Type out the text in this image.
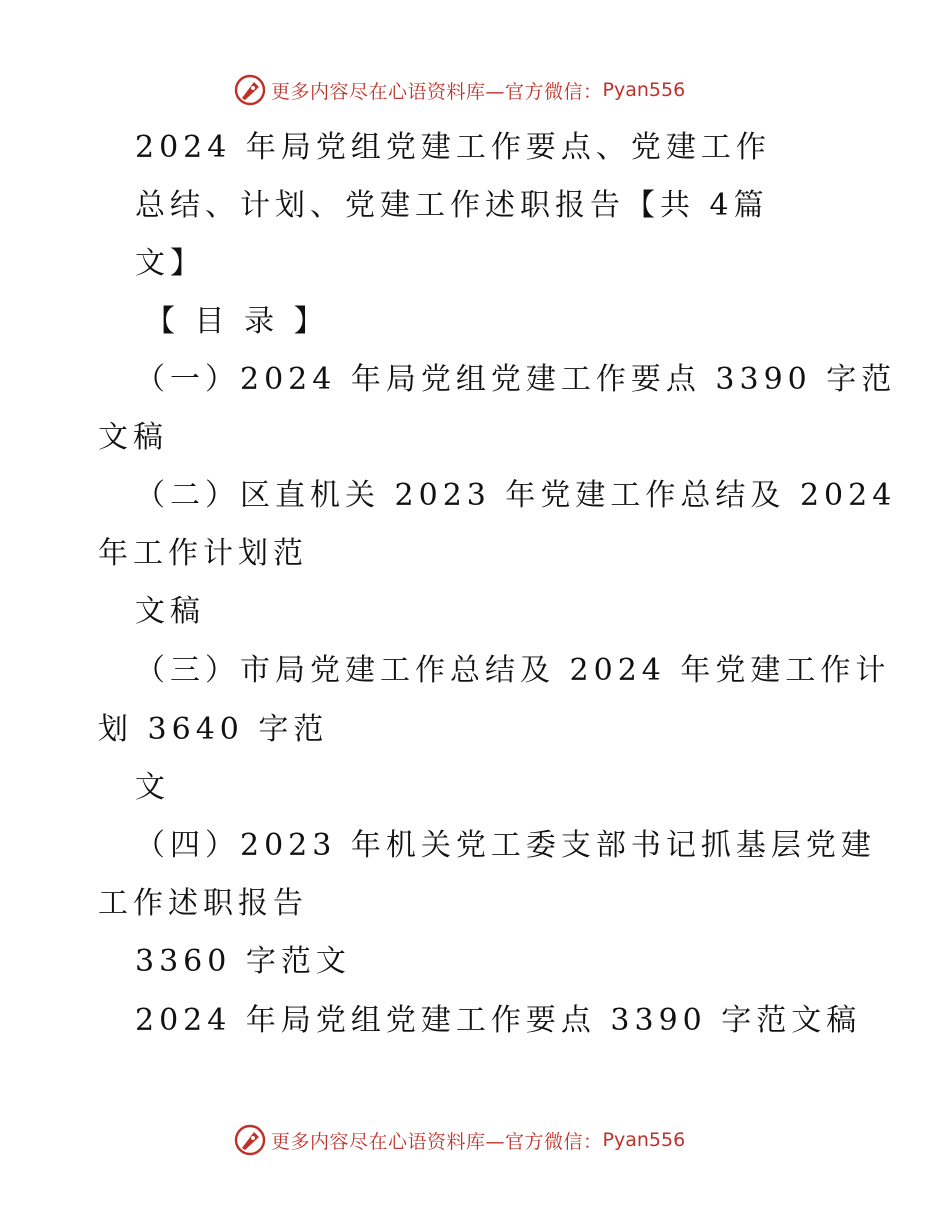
更多内容尽在心语资料库—官方微信： Pyan556
2024 年局党组党建工作要点、党建工作
总结、计划、党建工作述职报告【共 4篇
文】
【 目 录 】
（一）2024 年局党组党建工作要点 3390 字范
文稿
（二）区直机关 2023 年党建工作总结及 2024
年工作计划范
文稿
（三）市局党建工作总结及 2024 年党建工作计
划 3640 字范
文
（四）2023 年机关党工委支部书记抓基层党建
工作述职报告
3360 字范文
2024 年局党组党建工作要点 3390 字范文稿
更多内容尽在心语资料库—官方微信： Pyan556
